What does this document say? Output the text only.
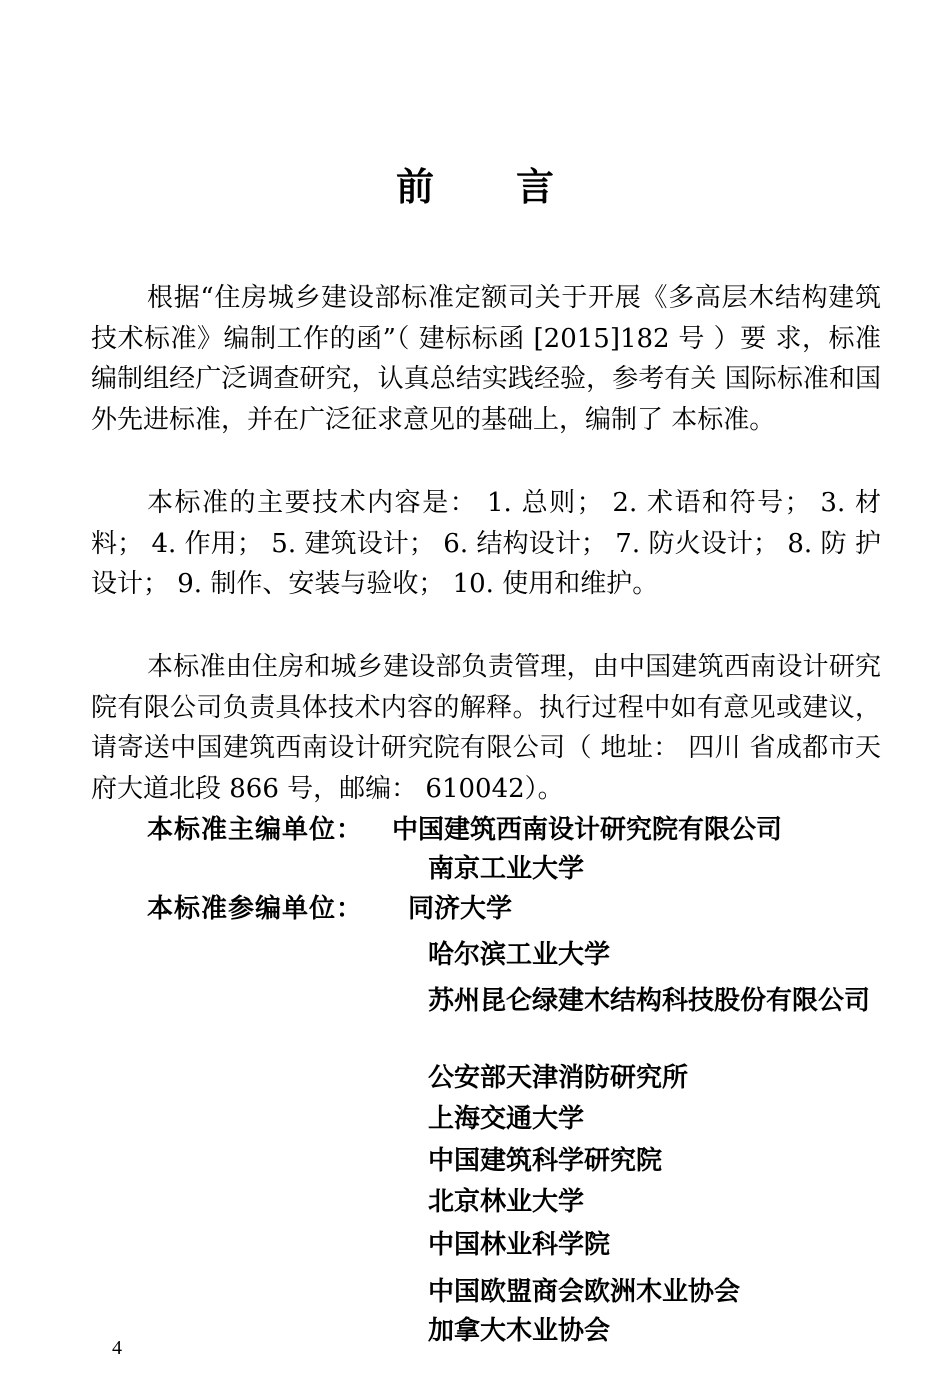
前言

根据“住房城乡建设部标准定额司关于开展《多高层木结构建筑技术标准》编制工作的函”（ 建标标函 [2015]182 号 ）要 求，标准编制组经广泛调查研究，认真总结实践经验，参考有关 国际标准和国外先进标准，并在广泛征求意见的基础上，编制了 本标准。

本标准的主要技术内容是： 1. 总则； 2. 术语和符号； 3. 材 料； 4. 作用； 5. 建筑设计； 6. 结构设计； 7. 防火设计； 8. 防 护设计； 9. 制作、安装与验收； 10. 使用和维护。

本标准由住房和城乡建设部负责管理，由中国建筑西南设计研究院有限公司负责具体技术内容的解释。执行过程中如有意见或建议，请寄送中国建筑西南设计研究院有限公司（ 地址： 四川 省成都市天府大道北段 866 号，邮编： 610042）。

本标准主编单位： 中国建筑西南设计研究院有限公司
南京工业大学
本标准参编单位： 同济大学
哈尔滨工业大学
苏州昆仑绿建木结构科技股份有限公司
公安部天津消防研究所
上海交通大学
中国建筑科学研究院
北京林业大学
中国林业科学院
中国欧盟商会欧洲木业协会
加拿大木业协会
4
